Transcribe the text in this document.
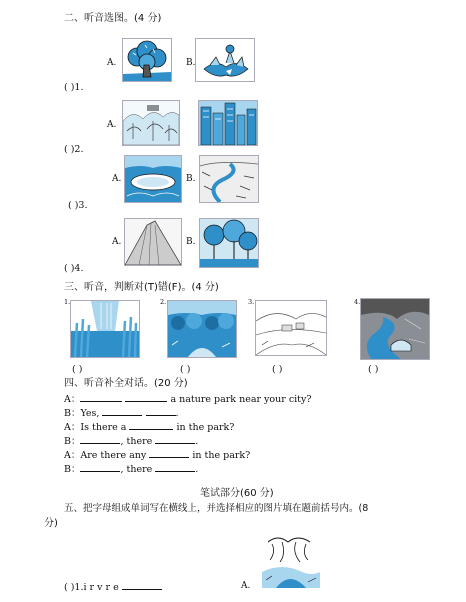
二、听音选图。(4 分)
A.	B.
( )1.
A.
( )2.
A.	B.
( )3.
A.	B.
( )4.
三、听音，判断对(T)错(F)。(4 分)
1.	2.	3.	4.
( )	( )	( )	( )
四、听音补全对话。(20 分)
A：	a nature park near your city?
B：Yes,	.
A：Is there a	in the park?
B：	, there	.
A：Are there any	in the park?
B：	, there	.
笔试部分(60 分)
五、把字母组成单词写在横线上，并选择相应的图片填在题前括号内。(8
分)
( )1.i r v r e	A.
